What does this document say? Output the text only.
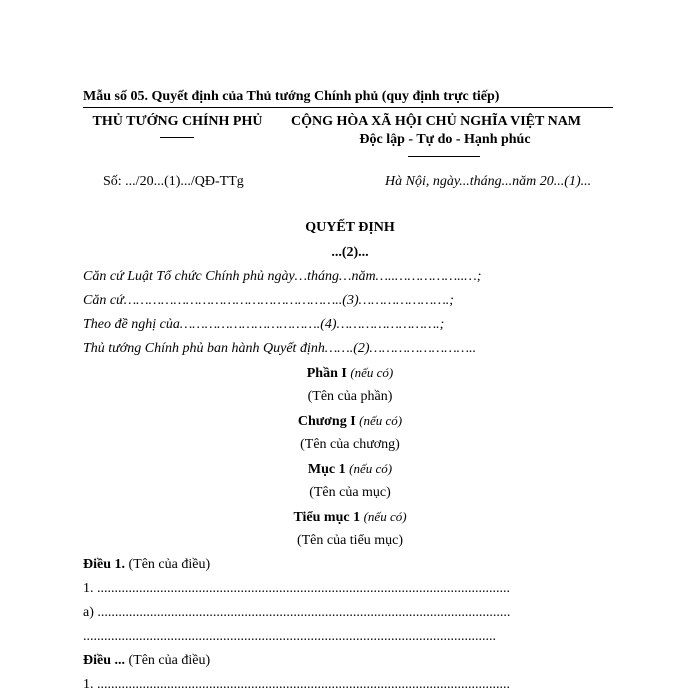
Mẫu số 05. Quyết định của Thủ tướng Chính phủ (quy định trực tiếp)
THỦ TƯỚNG CHÍNH PHỦ
Số: .../20...(1).../QĐ-TTg
CỘNG HÒA XÃ HỘI CHỦ NGHĨA VIỆT NAM
Độc lập - Tự do - Hạnh phúc
Hà Nội, ngày...tháng...năm 20...(1)...
QUYẾT ĐỊNH
...(2)...
Căn cứ Luật Tổ chức Chính phủ ngày…tháng…năm…..……………..…;
Căn cứ……………………………………………..(3)………………….;
Theo đề nghị của…………………………….(4)…………………….;
Thủ tướng Chính phủ ban hành Quyết định…….(2)……………………..
Phần I (nếu có)
(Tên của phần)
Chương I (nếu có)
(Tên của chương)
Mục 1 (nếu có)
(Tên của mục)
Tiểu mục 1 (nếu có)
(Tên của tiểu mục)
Điều 1. (Tên của điều)
1. ......................................................................................................................
a) ......................................................................................................................
......................................................................................................................
Điều ... (Tên của điều)
1. ......................................................................................................................
